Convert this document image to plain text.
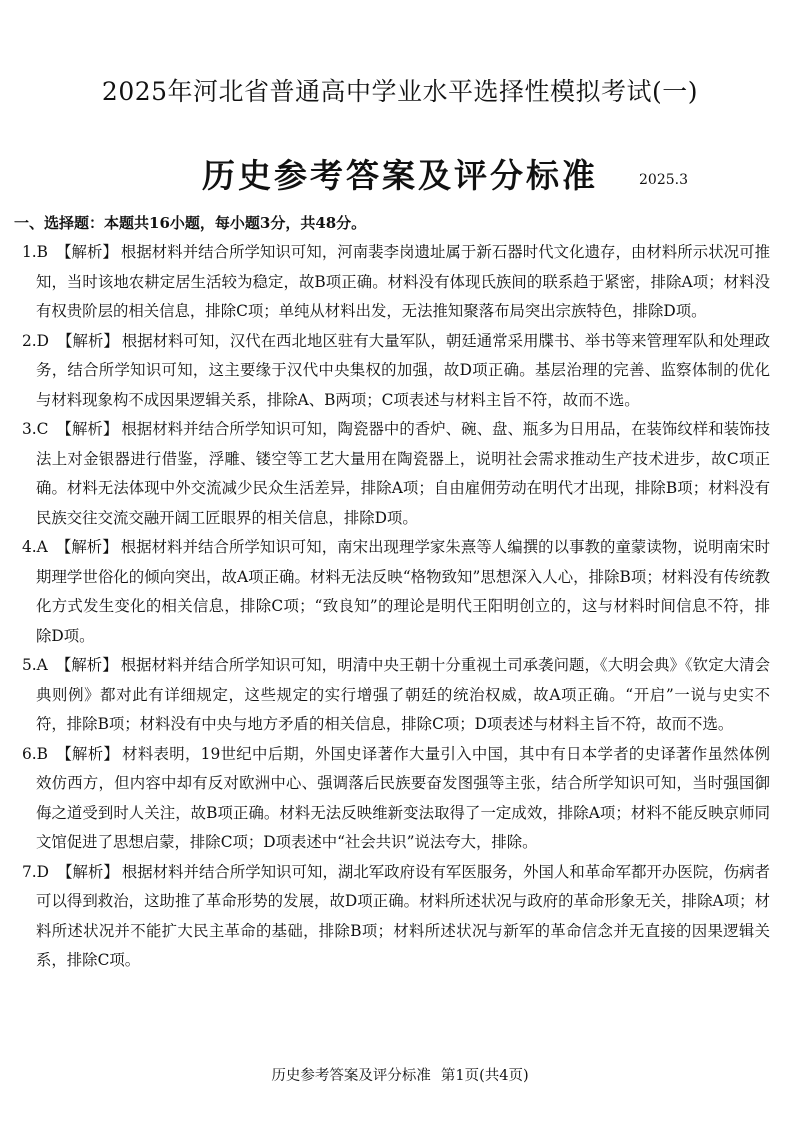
2025年河北省普通高中学业水平选择性模拟考试(一)
历史参考答案及评分标准	2025.3
一、选择题：本题共16小题，每小题3分，共48分。

1.B 【解析】 根据材料并结合所学知识可知，河南裴李岗遗址属于新石器时代文化遗存，由材料所示状况可推知，当时该地农耕定居生活较为稳定，故B项正确。材料没有体现氏族间的联系趋于紧密，排除A项；材料没有权贵阶层的相关信息，排除C项；单纯从材料出发，无法推知聚落布局突出宗族特色，排除D项。

2.D 【解析】 根据材料可知，汉代在西北地区驻有大量军队，朝廷通常采用牒书、举书等来管理军队和处理政务，结合所学知识可知，这主要缘于汉代中央集权的加强，故D项正确。基层治理的完善、监察体制的优化与材料现象构不成因果逻辑关系，排除A、B两项；C项表述与材料主旨不符，故而不选。

3.C 【解析】 根据材料并结合所学知识可知，陶瓷器中的香炉、碗、盘、瓶多为日用品，在装饰纹样和装饰技法上对金银器进行借鉴，浮雕、镂空等工艺大量用在陶瓷器上，说明社会需求推动生产技术进步，故C项正确。材料无法体现中外交流减少民众生活差异，排除A项；自由雇佣劳动在明代才出现，排除B项；材料没有民族交往交流交融开阔工匠眼界的相关信息，排除D项。

4.A 【解析】 根据材料并结合所学知识可知，南宋出现理学家朱熹等人编撰的以事教的童蒙读物，说明南宋时期理学世俗化的倾向突出，故A项正确。材料无法反映“格物致知”思想深入人心，排除B项；材料没有传统教化方式发生变化的相关信息，排除C项；“致良知”的理论是明代王阳明创立的，这与材料时间信息不符，排除D项。

5.A 【解析】 根据材料并结合所学知识可知，明清中央王朝十分重视土司承袭问题，《大明会典》《钦定大清会典则例》都对此有详细规定，这些规定的实行增强了朝廷的统治权威，故A项正确。“开启”一说与史实不符，排除B项；材料没有中央与地方矛盾的相关信息，排除C项；D项表述与材料主旨不符，故而不选。

6.B 【解析】 材料表明，19世纪中后期，外国史译著作大量引入中国，其中有日本学者的史译著作虽然体例效仿西方，但内容中却有反对欧洲中心、强调落后民族要奋发图强等主张，结合所学知识可知，当时强国御侮之道受到时人关注，故B项正确。材料无法反映维新变法取得了一定成效，排除A项；材料不能反映京师同文馆促进了思想启蒙，排除C项；D项表述中“社会共识”说法夸大，排除。

7.D 【解析】 根据材料并结合所学知识可知，湖北军政府设有军医服务，外国人和革命军都开办医院，伤病者可以得到救治，这助推了革命形势的发展，故D项正确。材料所述状况与政府的革命形象无关，排除A项；材料所述状况并不能扩大民主革命的基础，排除B项；材料所述状况与新军的革命信念并无直接的因果逻辑关系，排除C项。

历史参考答案及评分标准 第1页(共4页)
